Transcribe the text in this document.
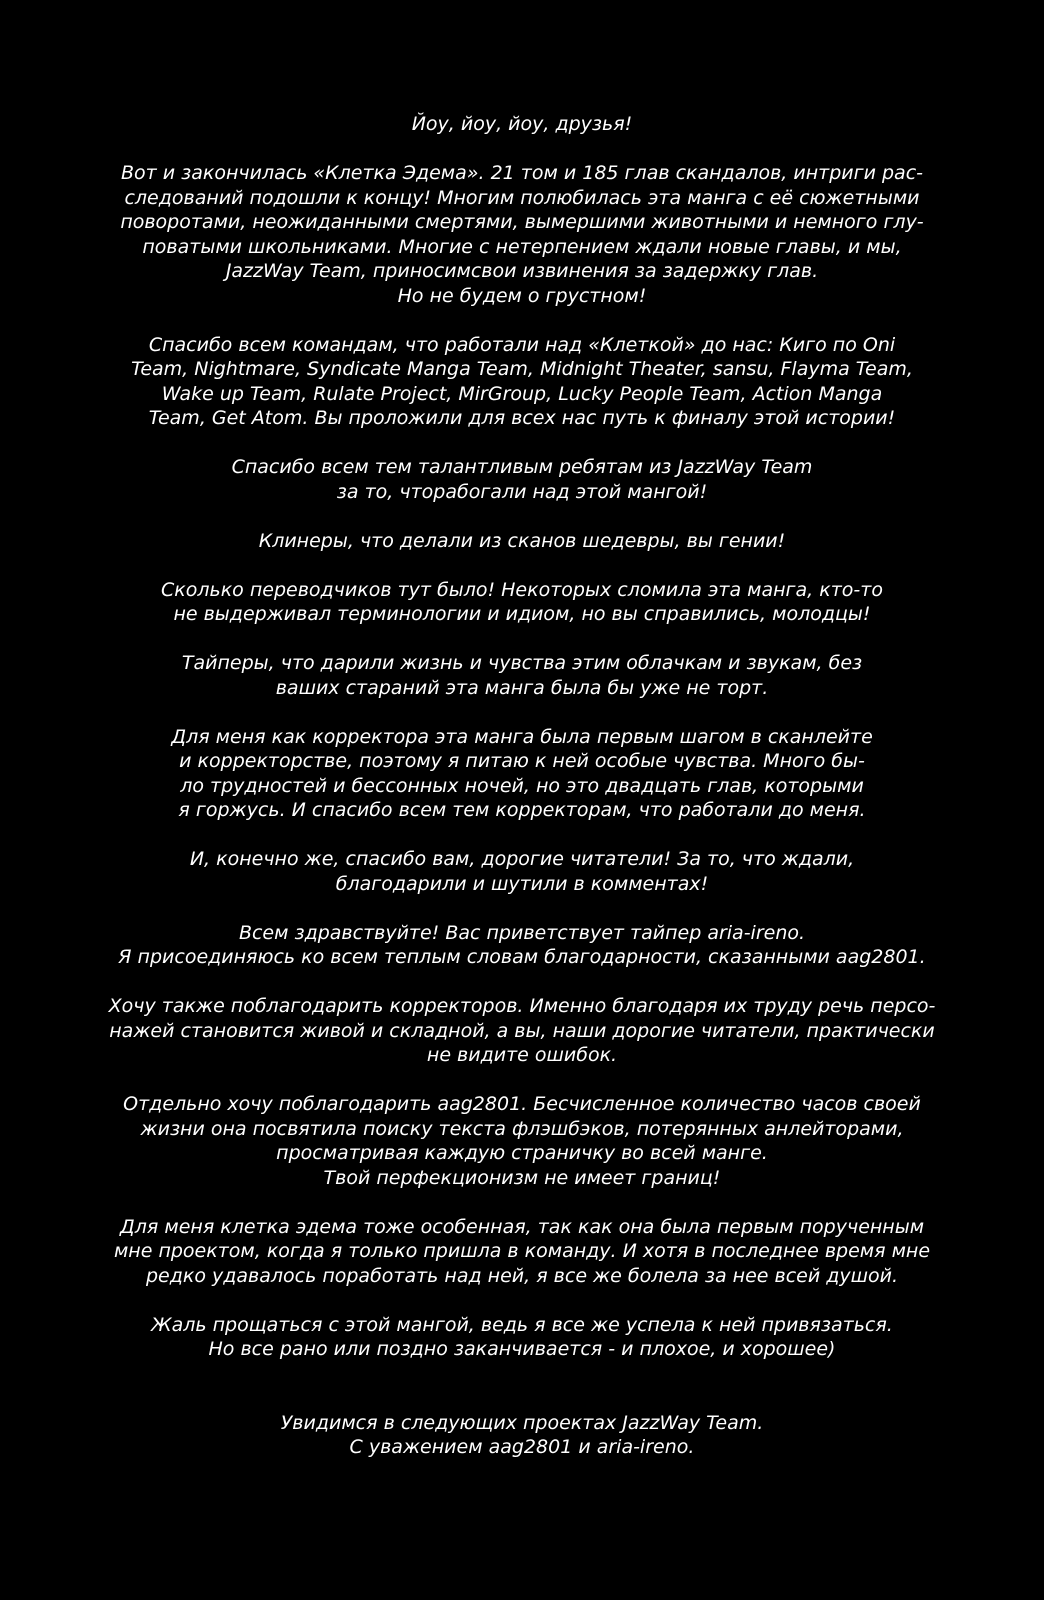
Йоу, йоу, йоу, друзья!
Вот и закончилась «Клетка Эдема». 21 том и 185 глав скандалов, интриги рас-
следований подошли к концу! Многим полюбилась эта манга с её сюжетными
поворотами, неожиданными смертями, вымершими животными и немного глу-
поватыми школьниками. Многие с нетерпением ждали новые главы, и мы,
JazzWay Team, приносимсвои извинения за задержку глав.
Но не будем о грустном!
Спасибо всем командам, что работали над «Клеткой» до нас: Киго по Oni
Team, Nightmare, Syndicate Manga Team, Midnight Theater, sansu, Flayma Team,
Wake up Team, Rulate Project, MirGroup, Lucky People Team, Action Manga
Team, Get Atom. Вы проложили для всех нас путь к финалу этой истории!
Спасибо всем тем талантливым ребятам из JazzWay Team
за то, чторабогали над этой мангой!
Клинеры, что делали из сканов шедевры, вы гении!
Сколько переводчиков тут было! Некоторых сломила эта манга, кто-то
не выдерживал терминологии и идиом, но вы справились, молодцы!
Тайперы, что дарили жизнь и чувства этим облачкам и звукам, без
ваших стараний эта манга была бы уже не торт.
Для меня как корректора эта манга была первым шагом в сканлейте
и корректорстве, поэтому я питаю к ней особые чувства. Много бы-
ло трудностей и бессонных ночей, но это двадцать глав, которыми
я горжусь. И спасибо всем тем корректорам, что работали до меня.
И, конечно же, спасибо вам, дорогие читатели! За то, что ждали,
благодарили и шутили в комментах!
Всем здравствуйте! Вас приветствует тайпер aria-ireno.
Я присоединяюсь ко всем теплым словам благодарности, сказанными aag2801.
Хочу также поблагодарить корректоров. Именно благодаря их труду речь персо-
нажей становится живой и складной, а вы, наши дорогие читатели, практически
не видите ошибок.
Отдельно хочу поблагодарить aag2801. Бесчисленное количество часов своей
жизни она посвятила поиску текста флэшбэков, потерянных анлейторами,
просматривая каждую страничку во всей манге.
Твой перфекционизм не имеет границ!
Для меня клетка эдема тоже особенная, так как она была первым порученным
мне проектом, когда я только пришла в команду. И хотя в последнее время мне
редко удавалось поработать над ней, я все же болела за нее всей душой.
Жаль прощаться с этой мангой, ведь я все же успела к ней привязаться.
Но все рано или поздно заканчивается - и плохое, и хорошее)
Увидимся в следующих проектах JazzWay Team.
С уважением aag2801 и aria-ireno.
